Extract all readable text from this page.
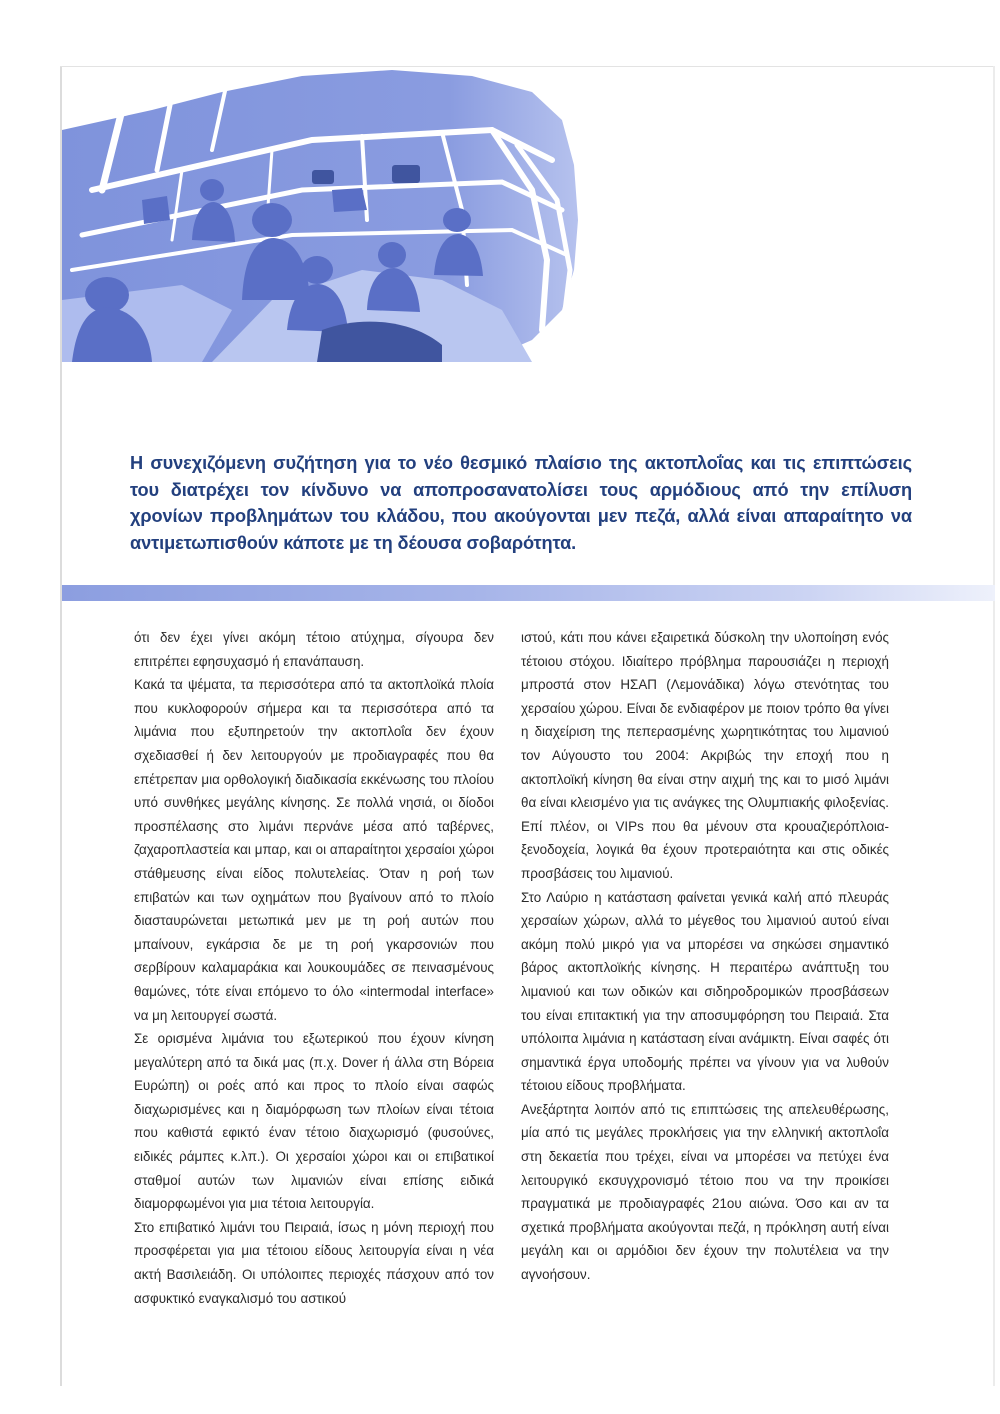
Η συνεχιζόμενη συζήτηση για το νέο θεσμικό πλαίσιο της ακτοπλοΐας και τις επιπτώσεις του διατρέχει τον κίνδυνο να αποπροσανατολίσει τους αρμόδιους από την επίλυση χρονίων προβλημάτων του κλάδου, που ακούγονται μεν πεζά, αλλά είναι απαραίτητο να αντιμετωπισθούν κάποτε με τη δέουσα σοβαρότητα.

ότι δεν έχει γίνει ακόμη τέτοιο ατύχημα, σίγουρα δεν επιτρέπει εφησυχασμό ή επανάπαυση.

Κακά τα ψέματα, τα περισσότερα από τα ακτοπλοϊκά πλοία που κυκλοφορούν σήμερα και τα περισσότερα από τα λιμάνια που εξυπηρετούν την ακτοπλοΐα δεν έχουν σχεδιασθεί ή δεν λειτουργούν με προδιαγραφές που θα επέτρεπαν μια ορθολογική διαδικασία εκκένωσης του πλοίου υπό συνθήκες μεγάλης κίνησης. Σε πολλά νησιά, οι δίοδοι προσπέλασης στο λιμάνι περνάνε μέσα από ταβέρνες, ζαχαροπλαστεία και μπαρ, και οι απαραίτητοι χερσαίοι χώροι στάθμευσης είναι είδος πολυτελείας. Όταν η ροή των επιβατών και των οχημάτων που βγαίνουν από το πλοίο διασταυρώνεται μετωπικά μεν με τη ροή αυτών που μπαίνουν, εγκάρσια δε με τη ροή γκαρσονιών που σερβίρουν καλαμαράκια και λουκουμάδες σε πεινασμένους θαμώνες, τότε είναι επόμενο το όλο «intermodal interface» να μη λειτουργεί σωστά.

Σε ορισμένα λιμάνια του εξωτερικού που έχουν κίνηση μεγαλύτερη από τα δικά μας (π.χ. Dover ή άλλα στη Βόρεια Ευρώπη) οι ροές από και προς το πλοίο είναι σαφώς διαχωρισμένες και η διαμόρφωση των πλοίων είναι τέτοια που καθιστά εφικτό έναν τέτοιο διαχωρισμό (φυσούνες, ειδικές ράμπες κ.λπ.). Οι χερσαίοι χώροι και οι επιβατικοί σταθμοί αυτών των λιμανιών είναι επίσης ειδικά διαμορφωμένοι για μια τέτοια λειτουργία.

Στο επιβατικό λιμάνι του Πειραιά, ίσως η μόνη περιοχή που προσφέρεται για μια τέτοιου είδους λειτουργία είναι η νέα ακτή Βασιλειάδη. Οι υπόλοιπες περιοχές πάσχουν από τον ασφυκτικό εναγκαλισμό του αστικού

ιστού, κάτι που κάνει εξαιρετικά δύσκολη την υλοποίηση ενός τέτοιου στόχου. Ιδιαίτερο πρόβλημα παρουσιάζει η περιοχή μπροστά στον ΗΣΑΠ (Λεμονάδικα) λόγω στενότητας του χερσαίου χώρου. Είναι δε ενδιαφέρον με ποιον τρόπο θα γίνει η διαχείριση της πεπερασμένης χωρητικότητας του λιμανιού τον Αύγουστο του 2004: Ακριβώς την εποχή που η ακτοπλοϊκή κίνηση θα είναι στην αιχμή της και το μισό λιμάνι θα είναι κλεισμένο για τις ανάγκες της Ολυμπιακής φιλοξενίας. Επί πλέον, οι VIPs που θα μένουν στα κρουαζιερόπλοια-ξενοδοχεία, λογικά θα έχουν προτεραιότητα και στις οδικές προσβάσεις του λιμανιού.

Στο Λαύριο η κατάσταση φαίνεται γενικά καλή από πλευράς χερσαίων χώρων, αλλά το μέγεθος του λιμανιού αυτού είναι ακόμη πολύ μικρό για να μπορέσει να σηκώσει σημαντικό βάρος ακτοπλοϊκής κίνησης. Η περαιτέρω ανάπτυξη του λιμανιού και των οδικών και σιδηροδρομικών προσβάσεων του είναι επιτακτική για την αποσυμφόρηση του Πειραιά. Στα υπόλοιπα λιμάνια η κατάσταση είναι ανάμικτη. Είναι σαφές ότι σημαντικά έργα υποδομής πρέπει να γίνουν για να λυθούν τέτοιου είδους προβλήματα.

Ανεξάρτητα λοιπόν από τις επιπτώσεις της απελευθέρωσης, μία από τις μεγάλες προκλήσεις για την ελληνική ακτοπλοΐα στη δεκαετία που τρέχει, είναι να μπορέσει να πετύχει ένα λειτουργικό εκσυγχρονισμό τέτοιο που να την προικίσει πραγματικά με προδιαγραφές 21ου αιώνα. Όσο και αν τα σχετικά προβλήματα ακούγονται πεζά, η πρόκληση αυτή είναι μεγάλη και οι αρμόδιοι δεν έχουν την πολυτέλεια να την αγνοήσουν.
